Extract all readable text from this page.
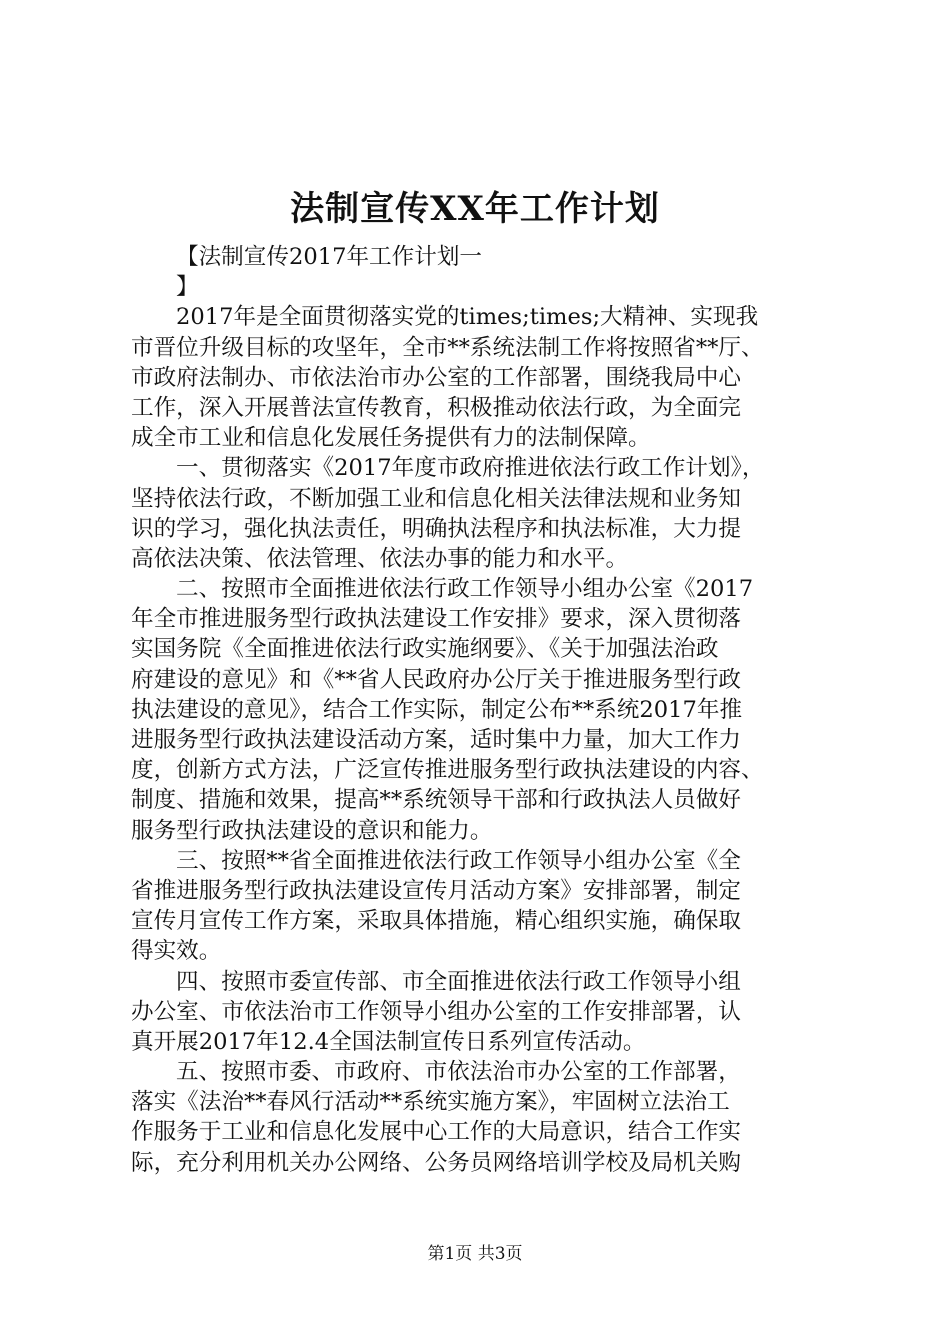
法制宣传XX年工作计划
【法制宣传2017年工作计划一
】
2017年是全面贯彻落实党的times;times;大精神、实现我
市晋位升级目标的攻坚年，全市**系统法制工作将按照省**厅、
市政府法制办、市依法治市办公室的工作部署，围绕我局中心
工作，深入开展普法宣传教育，积极推动依法行政，为全面完
成全市工业和信息化发展任务提供有力的法制保障。
一、贯彻落实《2017年度市政府推进依法行政工作计划》，
坚持依法行政，不断加强工业和信息化相关法律法规和业务知
识的学习，强化执法责任，明确执法程序和执法标准，大力提
高依法决策、依法管理、依法办事的能力和水平。
二、按照市全面推进依法行政工作领导小组办公室《2017
年全市推进服务型行政执法建设工作安排》要求，深入贯彻落
实国务院《全面推进依法行政实施纲要》、《关于加强法治政
府建设的意见》和《**省人民政府办公厅关于推进服务型行政
执法建设的意见》，结合工作实际，制定公布**系统2017年推
进服务型行政执法建设活动方案，适时集中力量，加大工作力
度，创新方式方法，广泛宣传推进服务型行政执法建设的内容、
制度、措施和效果，提高**系统领导干部和行政执法人员做好
服务型行政执法建设的意识和能力。
三、按照**省全面推进依法行政工作领导小组办公室《全
省推进服务型行政执法建设宣传月活动方案》安排部署，制定
宣传月宣传工作方案，采取具体措施，精心组织实施，确保取
得实效。
四、按照市委宣传部、市全面推进依法行政工作领导小组
办公室、市依法治市工作领导小组办公室的工作安排部署，认
真开展2017年12.4全国法制宣传日系列宣传活动。
五、按照市委、市政府、市依法治市办公室的工作部署，
落实《法治**春风行活动**系统实施方案》，牢固树立法治工
作服务于工业和信息化发展中心工作的大局意识，结合工作实
际，充分利用机关办公网络、公务员网络培训学校及局机关购
第1页 共3页
